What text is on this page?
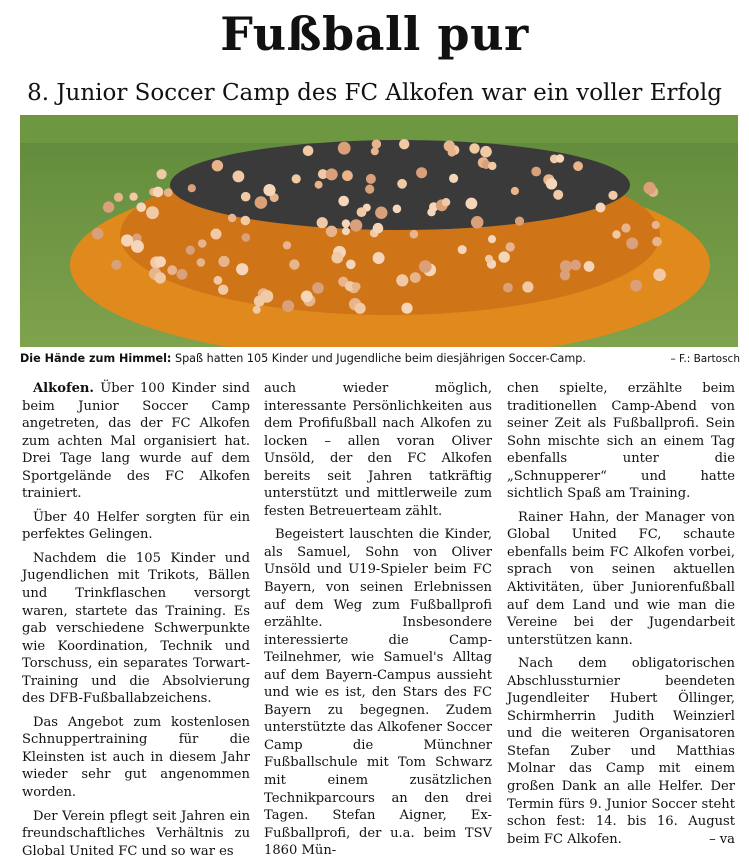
Fußball pur
8. Junior Soccer Camp des FC Alkofen war ein voller Erfolg
Die Hände zum Himmel: Spaß hatten 105 Kinder und Jugendliche beim diesjährigen Soccer-Camp.	– F.: Bartosch

Alkofen. Über 100 Kinder sind beim Junior Soccer Camp angetreten, das der FC Alkofen zum achten Mal organisiert hat. Drei Tage lang wurde auf dem Sportgelände des FC Alkofen trainiert.

Über 40 Helfer sorgten für ein perfektes Gelingen.

Nachdem die 105 Kinder und Jugendlichen mit Trikots, Bällen und Trinkflaschen versorgt waren, startete das Training. Es gab verschiedene Schwerpunkte wie Koordination, Technik und Torschuss, ein separates Torwart-Training und die Absolvierung des DFB-Fußballabzeichens.

Das Angebot zum kostenlosen Schnuppertraining für die Kleinsten ist auch in diesem Jahr wieder sehr gut angenommen worden.

Der Verein pflegt seit Jahren ein freundschaftliches Verhältnis zu Global United FC und so war es

auch wieder möglich, interessante Persönlichkeiten aus dem Profifußball nach Alkofen zu locken – allen voran Oliver Unsöld, der den FC Alkofen bereits seit Jahren tatkräftig unterstützt und mittlerweile zum festen Betreuerteam zählt.

Begeistert lauschten die Kinder, als Samuel, Sohn von Oliver Unsöld und U19-Spieler beim FC Bayern, von seinen Erlebnissen auf dem Weg zum Fußballprofi erzählte. Insbesondere interessierte die Camp-Teilnehmer, wie Samuel's Alltag auf dem Bayern-Campus aussieht und wie es ist, den Stars des FC Bayern zu begegnen. Zudem unterstützte das Alkofener Soccer Camp die Münchner Fußballschule mit Tom Schwarz mit einem zusätzlichen Technikparcours an den drei Tagen. Stefan Aigner, Ex-Fußballprofi, der u.a. beim TSV 1860 Mün-

chen spielte, erzählte beim traditionellen Camp-Abend von seiner Zeit als Fußballprofi. Sein Sohn mischte sich an einem Tag ebenfalls unter die „Schnupperer“ und hatte sichtlich Spaß am Training.

Rainer Hahn, der Manager von Global United FC, schaute ebenfalls beim FC Alkofen vorbei, sprach von seinen aktuellen Aktivitäten, über Juniorenfußball auf dem Land und wie man die Vereine bei der Jugendarbeit unterstützen kann.

Nach dem obligatorischen Abschlussturnier beendeten Jugendleiter Hubert Öllinger, Schirmherrin Judith Weinzierl und die weiteren Organisatoren Stefan Zuber und Matthias Molnar das Camp mit einem großen Dank an alle Helfer. Der Termin fürs 9. Junior Soccer steht schon fest: 14. bis 16. August beim FC Alkofen.	– va
